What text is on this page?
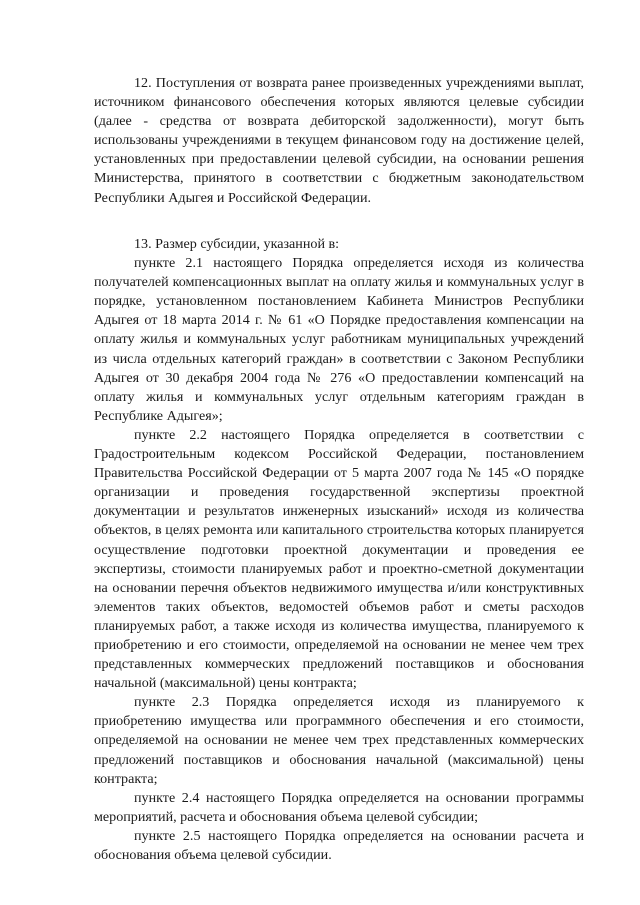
12. Поступления от возврата ранее произведенных учреждениями выплат, источником финансового обеспечения которых являются целевые субсидии (далее - средства от возврата дебиторской задолженности), могут быть использованы учреждениями в текущем финансовом году на достижение целей, установленных при предоставлении целевой субсидии, на основании решения Министерства, принятого в соответствии с бюджетным законодательством Республики Адыгея и Российской Федерации.

13. Размер субсидии, указанной в:

пункте 2.1 настоящего Порядка определяется исходя из количества получателей компенсационных выплат на оплату жилья и коммунальных услуг в порядке, установленном постановлением Кабинета Министров Республики Адыгея от 18 марта 2014 г. № 61 «О Порядке предоставления компенсации на оплату жилья и коммунальных услуг работникам муниципальных учреждений из числа отдельных категорий граждан» в соответствии с Законом Республики Адыгея от 30 декабря 2004 года № 276 «О предоставлении компенсаций на оплату жилья и коммунальных услуг отдельным категориям граждан в Республике Адыгея»;

пункте 2.2 настоящего Порядка определяется в соответствии с Градостроительным кодексом Российской Федерации, постановлением Правительства Российской Федерации от 5 марта 2007 года № 145 «О порядке организации и проведения государственной экспертизы проектной документации и результатов инженерных изысканий» исходя из количества объектов, в целях ремонта или капитального строительства которых планируется осуществление подготовки проектной документации и проведения ее экспертизы, стоимости планируемых работ и проектно-сметной документации на основании перечня объектов недвижимого имущества и/или конструктивных элементов таких объектов, ведомостей объемов работ и сметы расходов планируемых работ, а также исходя из количества имущества, планируемого к приобретению и его стоимости, определяемой на основании не менее чем трех представленных коммерческих предложений поставщиков и обоснования начальной (максимальной) цены контракта;

пункте 2.3 Порядка определяется исходя из планируемого к приобретению имущества или программного обеспечения и его стоимости, определяемой на основании не менее чем трех представленных коммерческих предложений поставщиков и обоснования начальной (максимальной) цены контракта;

пункте 2.4 настоящего Порядка определяется на основании программы мероприятий, расчета и обоснования объема целевой субсидии;

пункте 2.5 настоящего Порядка определяется на основании расчета и обоснования объема целевой субсидии.
